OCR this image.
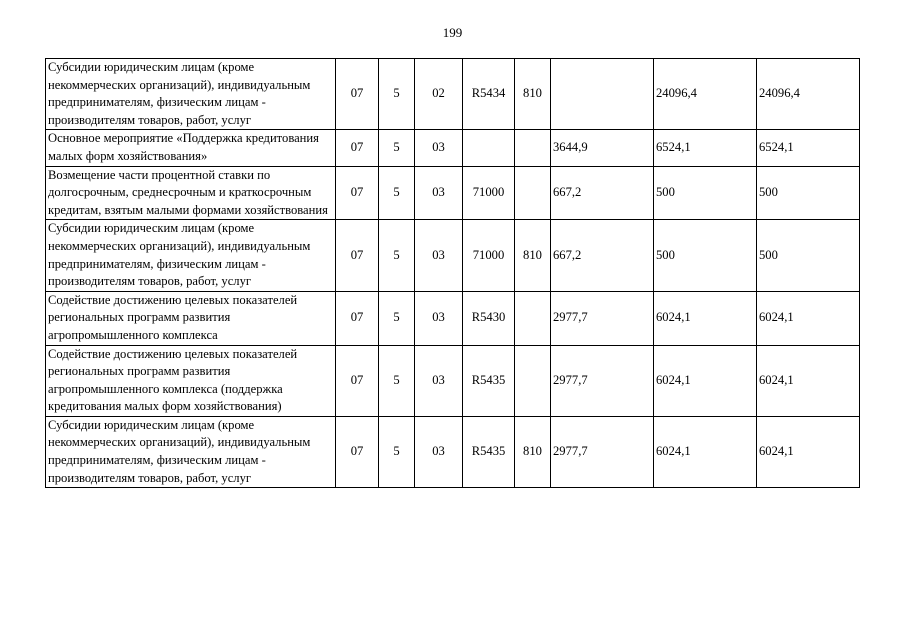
199
Субсидии юридическим лицам (кроме некоммерческих организаций), индивидуальным предпринимателям, физическим лицам - производителям товаров, работ, услуг	07	5	02	R5434	810		24096,4	24096,4
Основное мероприятие «Поддержка кредитования малых форм хозяйствования»	07	5	03			3644,9	6524,1	6524,1
Возмещение части процентной ставки по долгосрочным, среднесрочным и краткосрочным кредитам, взятым малыми формами хозяйствования	07	5	03	71000		667,2	500	500
Субсидии юридическим лицам (кроме некоммерческих организаций), индивидуальным предпринимателям, физическим лицам - производителям товаров, работ, услуг	07	5	03	71000	810	667,2	500	500
Содействие достижению целевых показателей региональных программ развития агропромышленного комплекса	07	5	03	R5430		2977,7	6024,1	6024,1
Содействие достижению целевых показателей региональных программ развития агропромышленного комплекса (поддержка кредитования малых форм хозяйствования)	07	5	03	R5435		2977,7	6024,1	6024,1
Субсидии юридическим лицам (кроме некоммерческих организаций), индивидуальным предпринимателям, физическим лицам - производителям товаров, работ, услуг	07	5	03	R5435	810	2977,7	6024,1	6024,1
